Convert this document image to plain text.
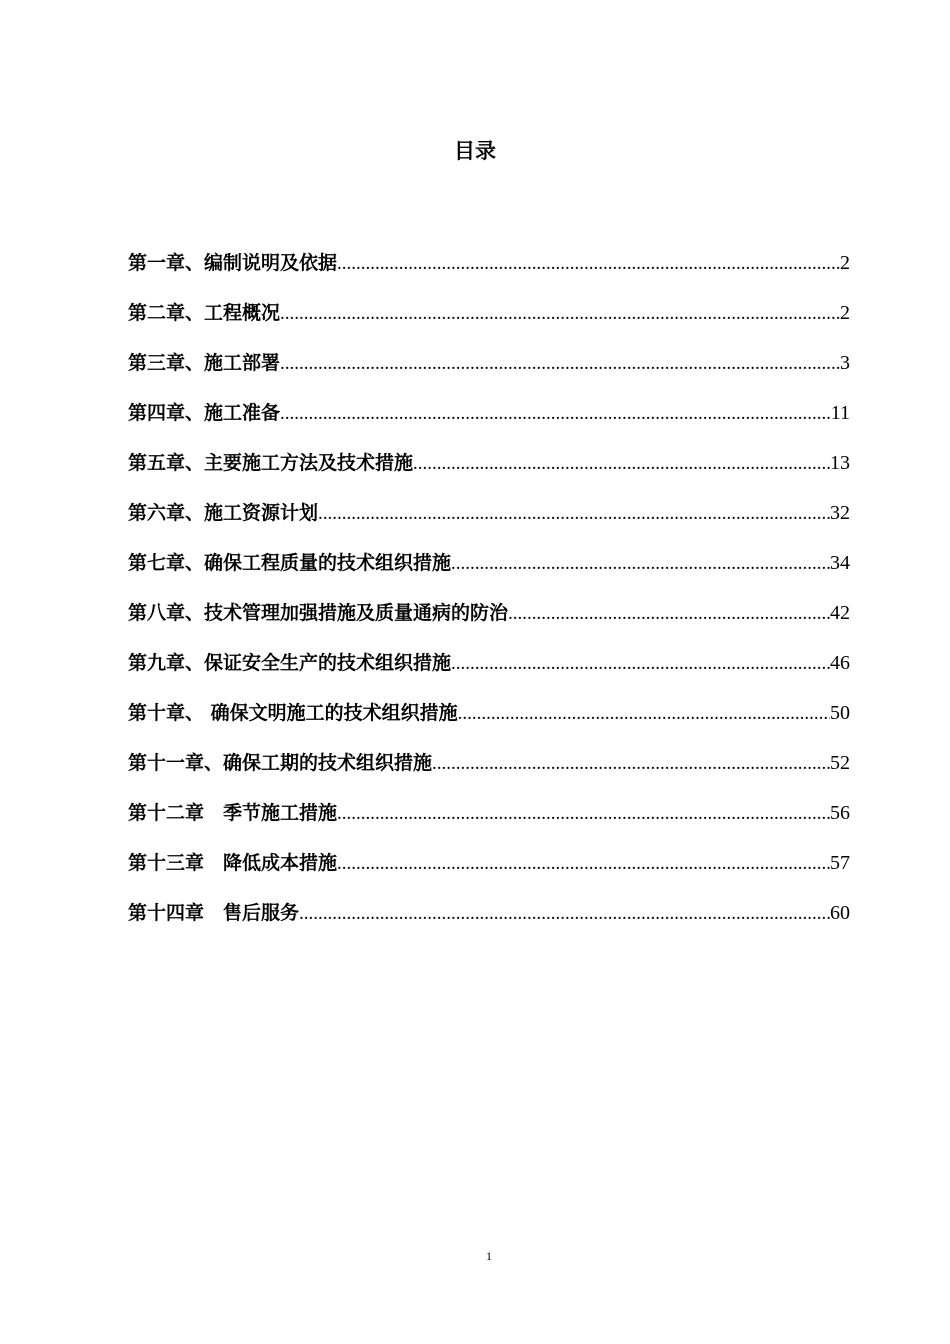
目录
第一章、编制说明及依据 .....	2
第二章、工程概况 .....	2
第三章、施工部署 .....	3
第四章、施工准备 .....	11
第五章、主要施工方法及技术措施 .....	13
第六章、施工资源计划 .....	32
第七章、确保工程质量的技术组织措施 .....	34
第八章、技术管理加强措施及质量通病的防治 .....	42
第九章、保证安全生产的技术组织措施 .....	46
第十章、 确保文明施工的技术组织措施 .....	50
第十一章、确保工期的技术组织措施 .....	52
第十二章　季节施工措施 .....	56
第十三章　降低成本措施 .....	57
第十四章　售后服务 .....	60
1
